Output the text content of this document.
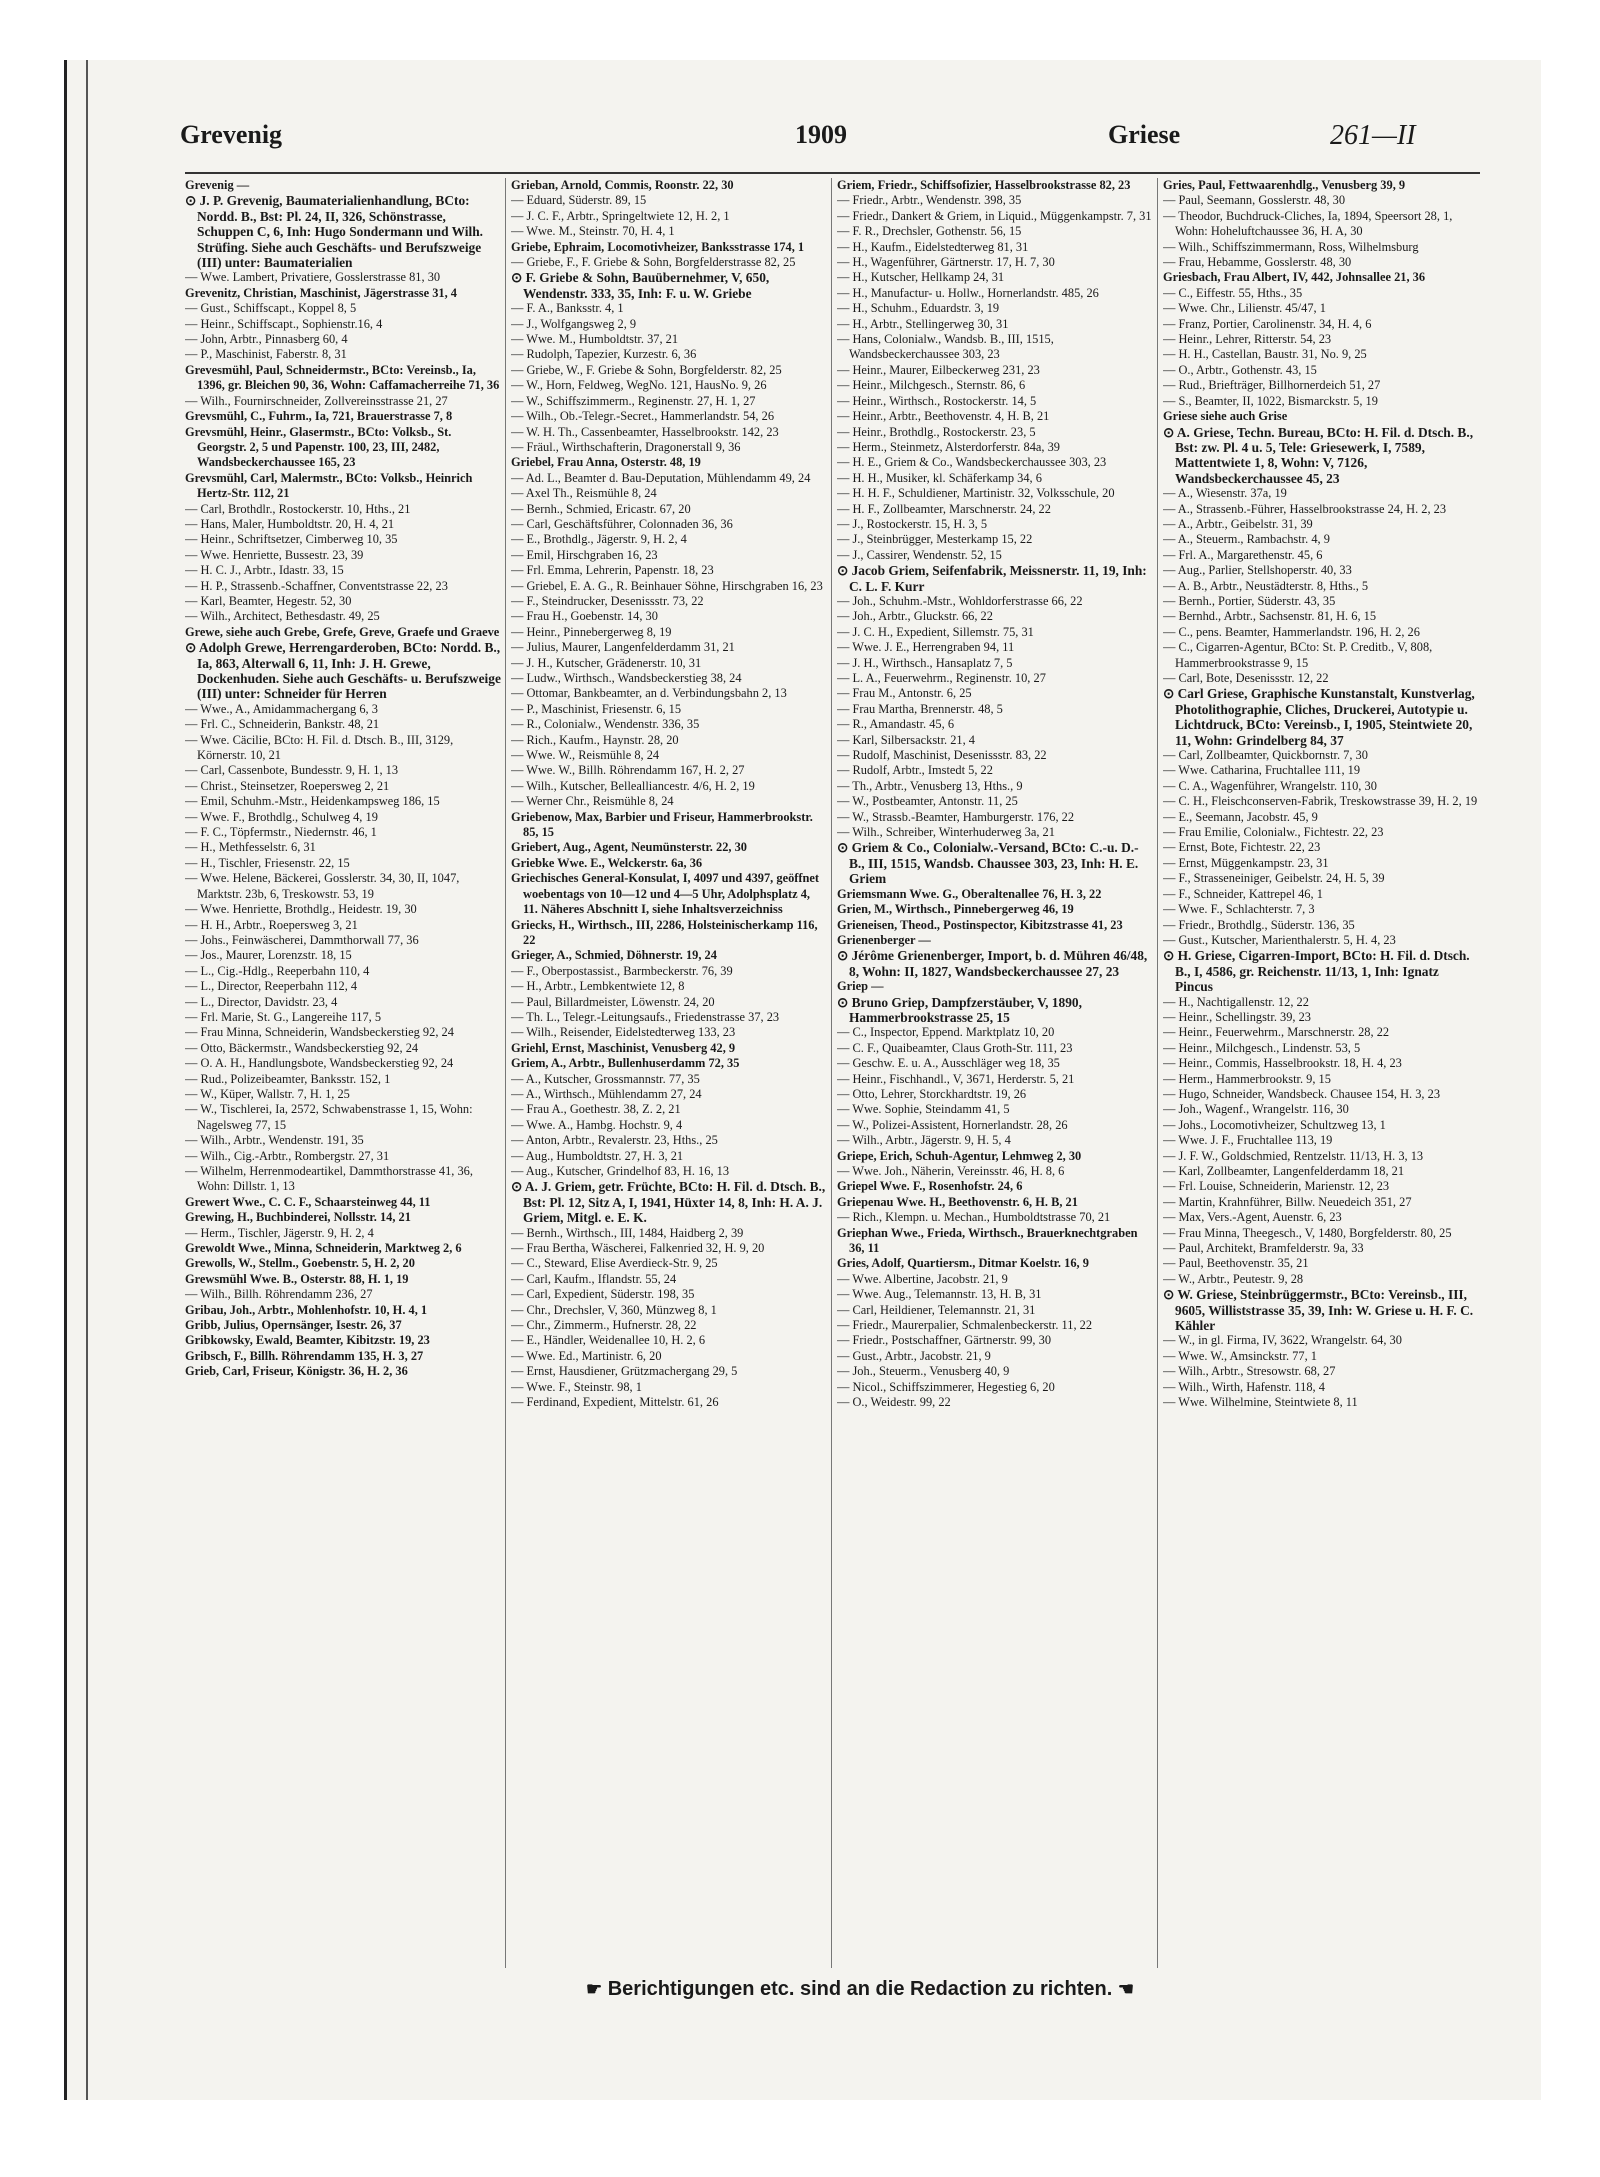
Grevenig	1909	Griese	261—II

Grevenig —

⊙ J. P. Grevenig, Baumaterialienhandlung, BCto: Nordd. B., Bst: Pl. 24, II, 326, Schönstrasse, Schuppen C, 6, Inh: Hugo Sondermann und Wilh. Strüfing. Siehe auch Geschäfts- und Berufszweige (III) unter: Baumaterialien

— Wwe. Lambert, Privatiere, Gosslerstrasse 81, 30

Grevenitz, Christian, Maschinist, Jägerstrasse 31, 4

— Gust., Schiffscapt., Koppel 8, 5

— Heinr., Schiffscapt., Sophienstr.16, 4

— John, Arbtr., Pinnasberg 60, 4

— P., Maschinist, Faberstr. 8, 31

Grevesmühl, Paul, Schneidermstr., BCto: Vereinsb., Ia, 1396, gr. Bleichen 90, 36, Wohn: Caffamacherreihe 71, 36

— Wilh., Fournirschneider, Zollvereinsstrasse 21, 27

Grevsmühl, C., Fuhrm., Ia, 721, Brauerstrasse 7, 8

Grevsmühl, Heinr., Glasermstr., BCto: Volksb., St. Georgstr. 2, 5 und Papenstr. 100, 23, III, 2482, Wandsbeckerchaussee 165, 23

Grevsmühl, Carl, Malermstr., BCto: Volksb., Heinrich Hertz-Str. 112, 21

— Carl, Brothdlr., Rostockerstr. 10, Hths., 21

— Hans, Maler, Humboldtstr. 20, H. 4, 21

— Heinr., Schriftsetzer, Cimberweg 10, 35

— Wwe. Henriette, Bussestr. 23, 39

— H. C. J., Arbtr., Idastr. 33, 15

— H. P., Strassenb.-Schaffner, Conventstrasse 22, 23

— Karl, Beamter, Hegestr. 52, 30

— Wilh., Architect, Bethesdastr. 49, 25

Grewe, siehe auch Grebe, Grefe, Greve, Graefe und Graeve

⊙ Adolph Grewe, Herrengarderoben, BCto: Nordd. B., Ia, 863, Alterwall 6, 11, Inh: J. H. Grewe, Dockenhuden. Siehe auch Geschäfts- u. Berufszweige (III) unter: Schneider für Herren

— Wwe., A., Amidammachergang 6, 3

— Frl. C., Schneiderin, Bankstr. 48, 21

— Wwe. Cäcilie, BCto: H. Fil. d. Dtsch. B., III, 3129, Körnerstr. 10, 21

— Carl, Cassenbote, Bundesstr. 9, H. 1, 13

— Christ., Steinsetzer, Roepersweg 2, 21

— Emil, Schuhm.-Mstr., Heidenkampsweg 186, 15

— Wwe. F., Brothdlg., Schulweg 4, 19

— F. C., Töpfermstr., Niedernstr. 46, 1

— H., Methfesselstr. 6, 31

— H., Tischler, Friesenstr. 22, 15

— Wwe. Helene, Bäckerei, Gosslerstr. 34, 30, II, 1047, Marktstr. 23b, 6, Treskowstr. 53, 19

— Wwe. Henriette, Brothdlg., Heidestr. 19, 30

— H. H., Arbtr., Roepersweg 3, 21

— Johs., Feinwäscherei, Dammthorwall 77, 36

— Jos., Maurer, Lorenzstr. 18, 15

— L., Cig.-Hdlg., Reeperbahn 110, 4

— L., Director, Reeperbahn 112, 4

— L., Director, Davidstr. 23, 4

— Frl. Marie, St. G., Langereihe 117, 5

— Frau Minna, Schneiderin, Wandsbeckerstieg 92, 24

— Otto, Bäckermstr., Wandsbeckerstieg 92, 24

— O. A. H., Handlungsbote, Wandsbeckerstieg 92, 24

— Rud., Polizeibeamter, Banksstr. 152, 1

— W., Küper, Wallstr. 7, H. 1, 25

— W., Tischlerei, Ia, 2572, Schwabenstrasse 1, 15, Wohn: Nagelsweg 77, 15

— Wilh., Arbtr., Wendenstr. 191, 35

— Wilh., Cig.-Arbtr., Rombergstr. 27, 31

— Wilhelm, Herrenmodeartikel, Dammthorstrasse 41, 36, Wohn: Dillstr. 1, 13

Grewert Wwe., C. C. F., Schaarsteinweg 44, 11

Grewing, H., Buchbinderei, Nollsstr. 14, 21

— Herm., Tischler, Jägerstr. 9, H. 2, 4

Grewoldt Wwe., Minna, Schneiderin, Marktweg 2, 6

Grewolls, W., Stellm., Goebenstr. 5, H. 2, 20

Grewsmühl Wwe. B., Osterstr. 88, H. 1, 19

— Wilh., Billh. Röhrendamm 236, 27

Gribau, Joh., Arbtr., Mohlenhofstr. 10, H. 4, 1

Gribb, Julius, Opernsänger, Isestr. 26, 37

Gribkowsky, Ewald, Beamter, Kibitzstr. 19, 23

Gribsch, F., Billh. Röhrendamm 135, H. 3, 27

Grieb, Carl, Friseur, Königstr. 36, H. 2, 36

Grieban, Arnold, Commis, Roonstr. 22, 30

— Eduard, Süderstr. 89, 15

— J. C. F., Arbtr., Springeltwiete 12, H. 2, 1

— Wwe. M., Steinstr. 70, H. 4, 1

Griebe, Ephraim, Locomotivheizer, Banksstrasse 174, 1

— Griebe, F., F. Griebe & Sohn, Borgfelderstrasse 82, 25

⊙ F. Griebe & Sohn, Bauübernehmer, V, 650, Wendenstr. 333, 35, Inh: F. u. W. Griebe

— F. A., Banksstr. 4, 1

— J., Wolfgangsweg 2, 9

— Wwe. M., Humboldtstr. 37, 21

— Rudolph, Tapezier, Kurzestr. 6, 36

— Griebe, W., F. Griebe & Sohn, Borgfelderstr. 82, 25

— W., Horn, Feldweg, WegNo. 121, HausNo. 9, 26

— W., Schiffszimmerm., Reginenstr. 27, H. 1, 27

— Wilh., Ob.-Telegr.-Secret., Hammerlandstr. 54, 26

— W. H. Th., Cassenbeamter, Hasselbrookstr. 142, 23

— Fräul., Wirthschafterin, Dragonerstall 9, 36

Griebel, Frau Anna, Osterstr. 48, 19

— Ad. L., Beamter d. Bau-Deputation, Mühlendamm 49, 24

— Axel Th., Reismühle 8, 24

— Bernh., Schmied, Ericastr. 67, 20

— Carl, Geschäftsführer, Colonnaden 36, 36

— E., Brothdlg., Jägerstr. 9, H. 2, 4

— Emil, Hirschgraben 16, 23

— Frl. Emma, Lehrerin, Papenstr. 18, 23

— Griebel, E. A. G., R. Beinhauer Söhne, Hirschgraben 16, 23

— F., Steindrucker, Desenissstr. 73, 22

— Frau H., Goebenstr. 14, 30

— Heinr., Pinnebergerweg 8, 19

— Julius, Maurer, Langenfelderdamm 31, 21

— J. H., Kutscher, Grädenerstr. 10, 31

— Ludw., Wirthsch., Wandsbeckerstieg 38, 24

— Ottomar, Bankbeamter, an d. Verbindungsbahn 2, 13

— P., Maschinist, Friesenstr. 6, 15

— R., Colonialw., Wendenstr. 336, 35

— Rich., Kaufm., Haynstr. 28, 20

— Wwe. W., Reismühle 8, 24

— Wwe. W., Billh. Röhrendamm 167, H. 2, 27

— Wilh., Kutscher, Bellealliancestr. 4/6, H. 2, 19

— Werner Chr., Reismühle 8, 24

Griebenow, Max, Barbier und Friseur, Hammerbrookstr. 85, 15

Griebert, Aug., Agent, Neumünsterstr. 22, 30

Griebke Wwe. E., Welckerstr. 6a, 36

Griechisches General-Konsulat, I, 4097 und 4397, geöffnet woebentags von 10—12 und 4—5 Uhr, Adolphsplatz 4, 11. Näheres Abschnitt I, siehe Inhaltsverzeichniss

Griecks, H., Wirthsch., III, 2286, Holsteinischerkamp 116, 22

Grieger, A., Schmied, Döhnerstr. 19, 24

— F., Oberpostassist., Barmbeckerstr. 76, 39

— H., Arbtr., Lembkentwiete 12, 8

— Paul, Billardmeister, Löwenstr. 24, 20

— Th. L., Telegr.-Leitungsaufs., Friedenstrasse 37, 23

— Wilh., Reisender, Eidelstedterweg 133, 23

Griehl, Ernst, Maschinist, Venusberg 42, 9

Griem, A., Arbtr., Bullenhuserdamm 72, 35

— A., Kutscher, Grossmannstr. 77, 35

— A., Wirthsch., Mühlendamm 27, 24

— Frau A., Goethestr. 38, Z. 2, 21

— Wwe. A., Hambg. Hochstr. 9, 4

— Anton, Arbtr., Revalerstr. 23, Hths., 25

— Aug., Humboldtstr. 27, H. 3, 21

— Aug., Kutscher, Grindelhof 83, H. 16, 13

⊙ A. J. Griem, getr. Früchte, BCto: H. Fil. d. Dtsch. B., Bst: Pl. 12, Sitz A, I, 1941, Hüxter 14, 8, Inh: H. A. J. Griem, Mitgl. e. E. K.

— Bernh., Wirthsch., III, 1484, Haidberg 2, 39

— Frau Bertha, Wäscherei, Falkenried 32, H. 9, 20

— C., Steward, Elise Averdieck-Str. 9, 25

— Carl, Kaufm., Iflandstr. 55, 24

— Carl, Expedient, Süderstr. 198, 35

— Chr., Drechsler, V, 360, Münzweg 8, 1

— Chr., Zimmerm., Hufnerstr. 28, 22

— E., Händler, Weidenallee 10, H. 2, 6

— Wwe. Ed., Martinistr. 6, 20

— Ernst, Hausdiener, Grützmachergang 29, 5

— Wwe. F., Steinstr. 98, 1

— Ferdinand, Expedient, Mittelstr. 61, 26

Griem, Friedr., Schiffsofizier, Hasselbrookstrasse 82, 23

— Friedr., Arbtr., Wendenstr. 398, 35

— Friedr., Dankert & Griem, in Liquid., Müggenkampstr. 7, 31

— F. R., Drechsler, Gothenstr. 56, 15

— H., Kaufm., Eidelstedterweg 81, 31

— H., Wagenführer, Gärtnerstr. 17, H. 7, 30

— H., Kutscher, Hellkamp 24, 31

— H., Manufactur- u. Hollw., Hornerlandstr. 485, 26

— H., Schuhm., Eduardstr. 3, 19

— H., Arbtr., Stellingerweg 30, 31

— Hans, Colonialw., Wandsb. B., III, 1515, Wandsbeckerchaussee 303, 23

— Heinr., Maurer, Eilbeckerweg 231, 23

— Heinr., Milchgesch., Sternstr. 86, 6

— Heinr., Wirthsch., Rostockerstr. 14, 5

— Heinr., Arbtr., Beethovenstr. 4, H. B, 21

— Heinr., Brothdlg., Rostockerstr. 23, 5

— Herm., Steinmetz, Alsterdorferstr. 84a, 39

— H. E., Griem & Co., Wandsbeckerchaussee 303, 23

— H. H., Musiker, kl. Schäferkamp 34, 6

— H. H. F., Schuldiener, Martinistr. 32, Volksschule, 20

— H. F., Zollbeamter, Marschnerstr. 24, 22

— J., Rostockerstr. 15, H. 3, 5

— J., Steinbrügger, Mesterkamp 15, 22

— J., Cassirer, Wendenstr. 52, 15

⊙ Jacob Griem, Seifenfabrik, Meissnerstr. 11, 19, Inh: C. L. F. Kurr

— Joh., Schuhm.-Mstr., Wohldorferstrasse 66, 22

— Joh., Arbtr., Gluckstr. 66, 22

— J. C. H., Expedient, Sillemstr. 75, 31

— Wwe. J. E., Herrengraben 94, 11

— J. H., Wirthsch., Hansaplatz 7, 5

— L. A., Feuerwehrm., Reginenstr. 10, 27

— Frau M., Antonstr. 6, 25

— Frau Martha, Brennerstr. 48, 5

— R., Amandastr. 45, 6

— Karl, Silbersackstr. 21, 4

— Rudolf, Maschinist, Desenissstr. 83, 22

— Rudolf, Arbtr., Imstedt 5, 22

— Th., Arbtr., Venusberg 13, Hths., 9

— W., Postbeamter, Antonstr. 11, 25

— W., Strassb.-Beamter, Hamburgerstr. 176, 22

— Wilh., Schreiber, Winterhuderweg 3a, 21

⊙ Griem & Co., Colonialw.-Versand, BCto: C.-u. D.-B., III, 1515, Wandsb. Chaussee 303, 23, Inh: H. E. Griem

Griemsmann Wwe. G., Oberaltenallee 76, H. 3, 22

Grien, M., Wirthsch., Pinnebergerweg 46, 19

Grieneisen, Theod., Postinspector, Kibitzstrasse 41, 23

Grienenberger —

⊙ Jérôme Grienenberger, Import, b. d. Mühren 46/48, 8, Wohn: II, 1827, Wandsbeckerchaussee 27, 23

Griep —

⊙ Bruno Griep, Dampfzerstäuber, V, 1890, Hammerbrookstrasse 25, 15

— C., Inspector, Eppend. Marktplatz 10, 20

— C. F., Quaibeamter, Claus Groth-Str. 111, 23

— Geschw. E. u. A., Ausschläger weg 18, 35

— Heinr., Fischhandl., V, 3671, Herderstr. 5, 21

— Otto, Lehrer, Storckhardtstr. 19, 26

— Wwe. Sophie, Steindamm 41, 5

— W., Polizei-Assistent, Hornerlandstr. 28, 26

— Wilh., Arbtr., Jägerstr. 9, H. 5, 4

Griepe, Erich, Schuh-Agentur, Lehmweg 2, 30

— Wwe. Joh., Näherin, Vereinsstr. 46, H. 8, 6

Griepel Wwe. F., Rosenhofstr. 24, 6

Griepenau Wwe. H., Beethovenstr. 6, H. B, 21

— Rich., Klempn. u. Mechan., Humboldtstrasse 70, 21

Griephan Wwe., Frieda, Wirthsch., Brauerknechtgraben 36, 11

Gries, Adolf, Quartiersm., Ditmar Koelstr. 16, 9

— Wwe. Albertine, Jacobstr. 21, 9

— Wwe. Aug., Telemannstr. 13, H. B, 31

— Carl, Heildiener, Telemannstr. 21, 31

— Friedr., Maurerpalier, Schmalenbeckerstr. 11, 22

— Friedr., Postschaffner, Gärtnerstr. 99, 30

— Gust., Arbtr., Jacobstr. 21, 9

— Joh., Steuerm., Venusberg 40, 9

— Nicol., Schiffszimmerer, Hegestieg 6, 20

— O., Weidestr. 99, 22

Gries, Paul, Fettwaarenhdlg., Venusberg 39, 9

— Paul, Seemann, Gosslerstr. 48, 30

— Theodor, Buchdruck-Cliches, Ia, 1894, Speersort 28, 1, Wohn: Hoheluftchaussee 36, H. A, 30

— Wilh., Schiffszimmermann, Ross, Wilhelmsburg

— Frau, Hebamme, Gosslerstr. 48, 30

Griesbach, Frau Albert, IV, 442, Johnsallee 21, 36

— C., Eiffestr. 55, Hths., 35

— Wwe. Chr., Lilienstr. 45/47, 1

— Franz, Portier, Carolinenstr. 34, H. 4, 6

— Heinr., Lehrer, Ritterstr. 54, 23

— H. H., Castellan, Baustr. 31, No. 9, 25

— O., Arbtr., Gothenstr. 43, 15

— Rud., Briefträger, Billhornerdeich 51, 27

— S., Beamter, II, 1022, Bismarckstr. 5, 19

Griese siehe auch Grise

⊙ A. Griese, Techn. Bureau, BCto: H. Fil. d. Dtsch. B., Bst: zw. Pl. 4 u. 5, Tele: Griesewerk, I, 7589, Mattentwiete 1, 8, Wohn: V, 7126, Wandsbeckerchaussee 45, 23

— A., Wiesenstr. 37a, 19

— A., Strassenb.-Führer, Hasselbrookstrasse 24, H. 2, 23

— A., Arbtr., Geibelstr. 31, 39

— A., Steuerm., Rambachstr. 4, 9

— Frl. A., Margarethenstr. 45, 6

— Aug., Parlier, Stellshoperstr. 40, 33

— A. B., Arbtr., Neustädterstr. 8, Hths., 5

— Bernh., Portier, Süderstr. 43, 35

— Bernhd., Arbtr., Sachsenstr. 81, H. 6, 15

— C., pens. Beamter, Hammerlandstr. 196, H. 2, 26

— C., Cigarren-Agentur, BCto: St. P. Creditb., V, 808, Hammerbrookstrasse 9, 15

— Carl, Bote, Desenissstr. 12, 22

⊙ Carl Griese, Graphische Kunstanstalt, Kunstverlag, Photolithographie, Cliches, Druckerei, Autotypie u. Lichtdruck, BCto: Vereinsb., I, 1905, Steintwiete 20, 11, Wohn: Grindelberg 84, 37

— Carl, Zollbeamter, Quickbornstr. 7, 30

— Wwe. Catharina, Fruchtallee 111, 19

— C. A., Wagenführer, Wrangelstr. 110, 30

— C. H., Fleischconserven-Fabrik, Treskowstrasse 39, H. 2, 19

— E., Seemann, Jacobstr. 45, 9

— Frau Emilie, Colonialw., Fichtestr. 22, 23

— Ernst, Bote, Fichtestr. 22, 23

— Ernst, Müggenkampstr. 23, 31

— F., Strasseneiniger, Geibelstr. 24, H. 5, 39

— F., Schneider, Kattrepel 46, 1

— Wwe. F., Schlachterstr. 7, 3

— Friedr., Brothdlg., Süderstr. 136, 35

— Gust., Kutscher, Marienthalerstr. 5, H. 4, 23

⊙ H. Griese, Cigarren-Import, BCto: H. Fil. d. Dtsch. B., I, 4586, gr. Reichenstr. 11/13, 1, Inh: Ignatz Pincus

— H., Nachtigallenstr. 12, 22

— Heinr., Schellingstr. 39, 23

— Heinr., Feuerwehrm., Marschnerstr. 28, 22

— Heinr., Milchgesch., Lindenstr. 53, 5

— Heinr., Commis, Hasselbrookstr. 18, H. 4, 23

— Herm., Hammerbrookstr. 9, 15

— Hugo, Schneider, Wandsbeck. Chausee 154, H. 3, 23

— Joh., Wagenf., Wrangelstr. 116, 30

— Johs., Locomotivheizer, Schultzweg 13, 1

— Wwe. J. F., Fruchtallee 113, 19

— J. F. W., Goldschmied, Rentzelstr. 11/13, H. 3, 13

— Karl, Zollbeamter, Langenfelderdamm 18, 21

— Frl. Louise, Schneiderin, Marienstr. 12, 23

— Martin, Krahnführer, Billw. Neuedeich 351, 27

— Max, Vers.-Agent, Auenstr. 6, 23

— Frau Minna, Theegesch., V, 1480, Borgfelderstr. 80, 25

— Paul, Architekt, Bramfelderstr. 9a, 33

— Paul, Beethovenstr. 35, 21

— W., Arbtr., Peutestr. 9, 28

⊙ W. Griese, Steinbrüggermstr., BCto: Vereinsb., III, 9605, Williststrasse 35, 39, Inh: W. Griese u. H. F. C. Kähler

— W., in gl. Firma, IV, 3622, Wrangelstr. 64, 30

— Wwe. W., Amsinckstr. 77, 1

— Wilh., Arbtr., Stresowstr. 68, 27

— Wilh., Wirth, Hafenstr. 118, 4

— Wwe. Wilhelmine, Steintwiete 8, 11

☛ Berichtigungen etc. sind an die Redaction zu richten. ☚
